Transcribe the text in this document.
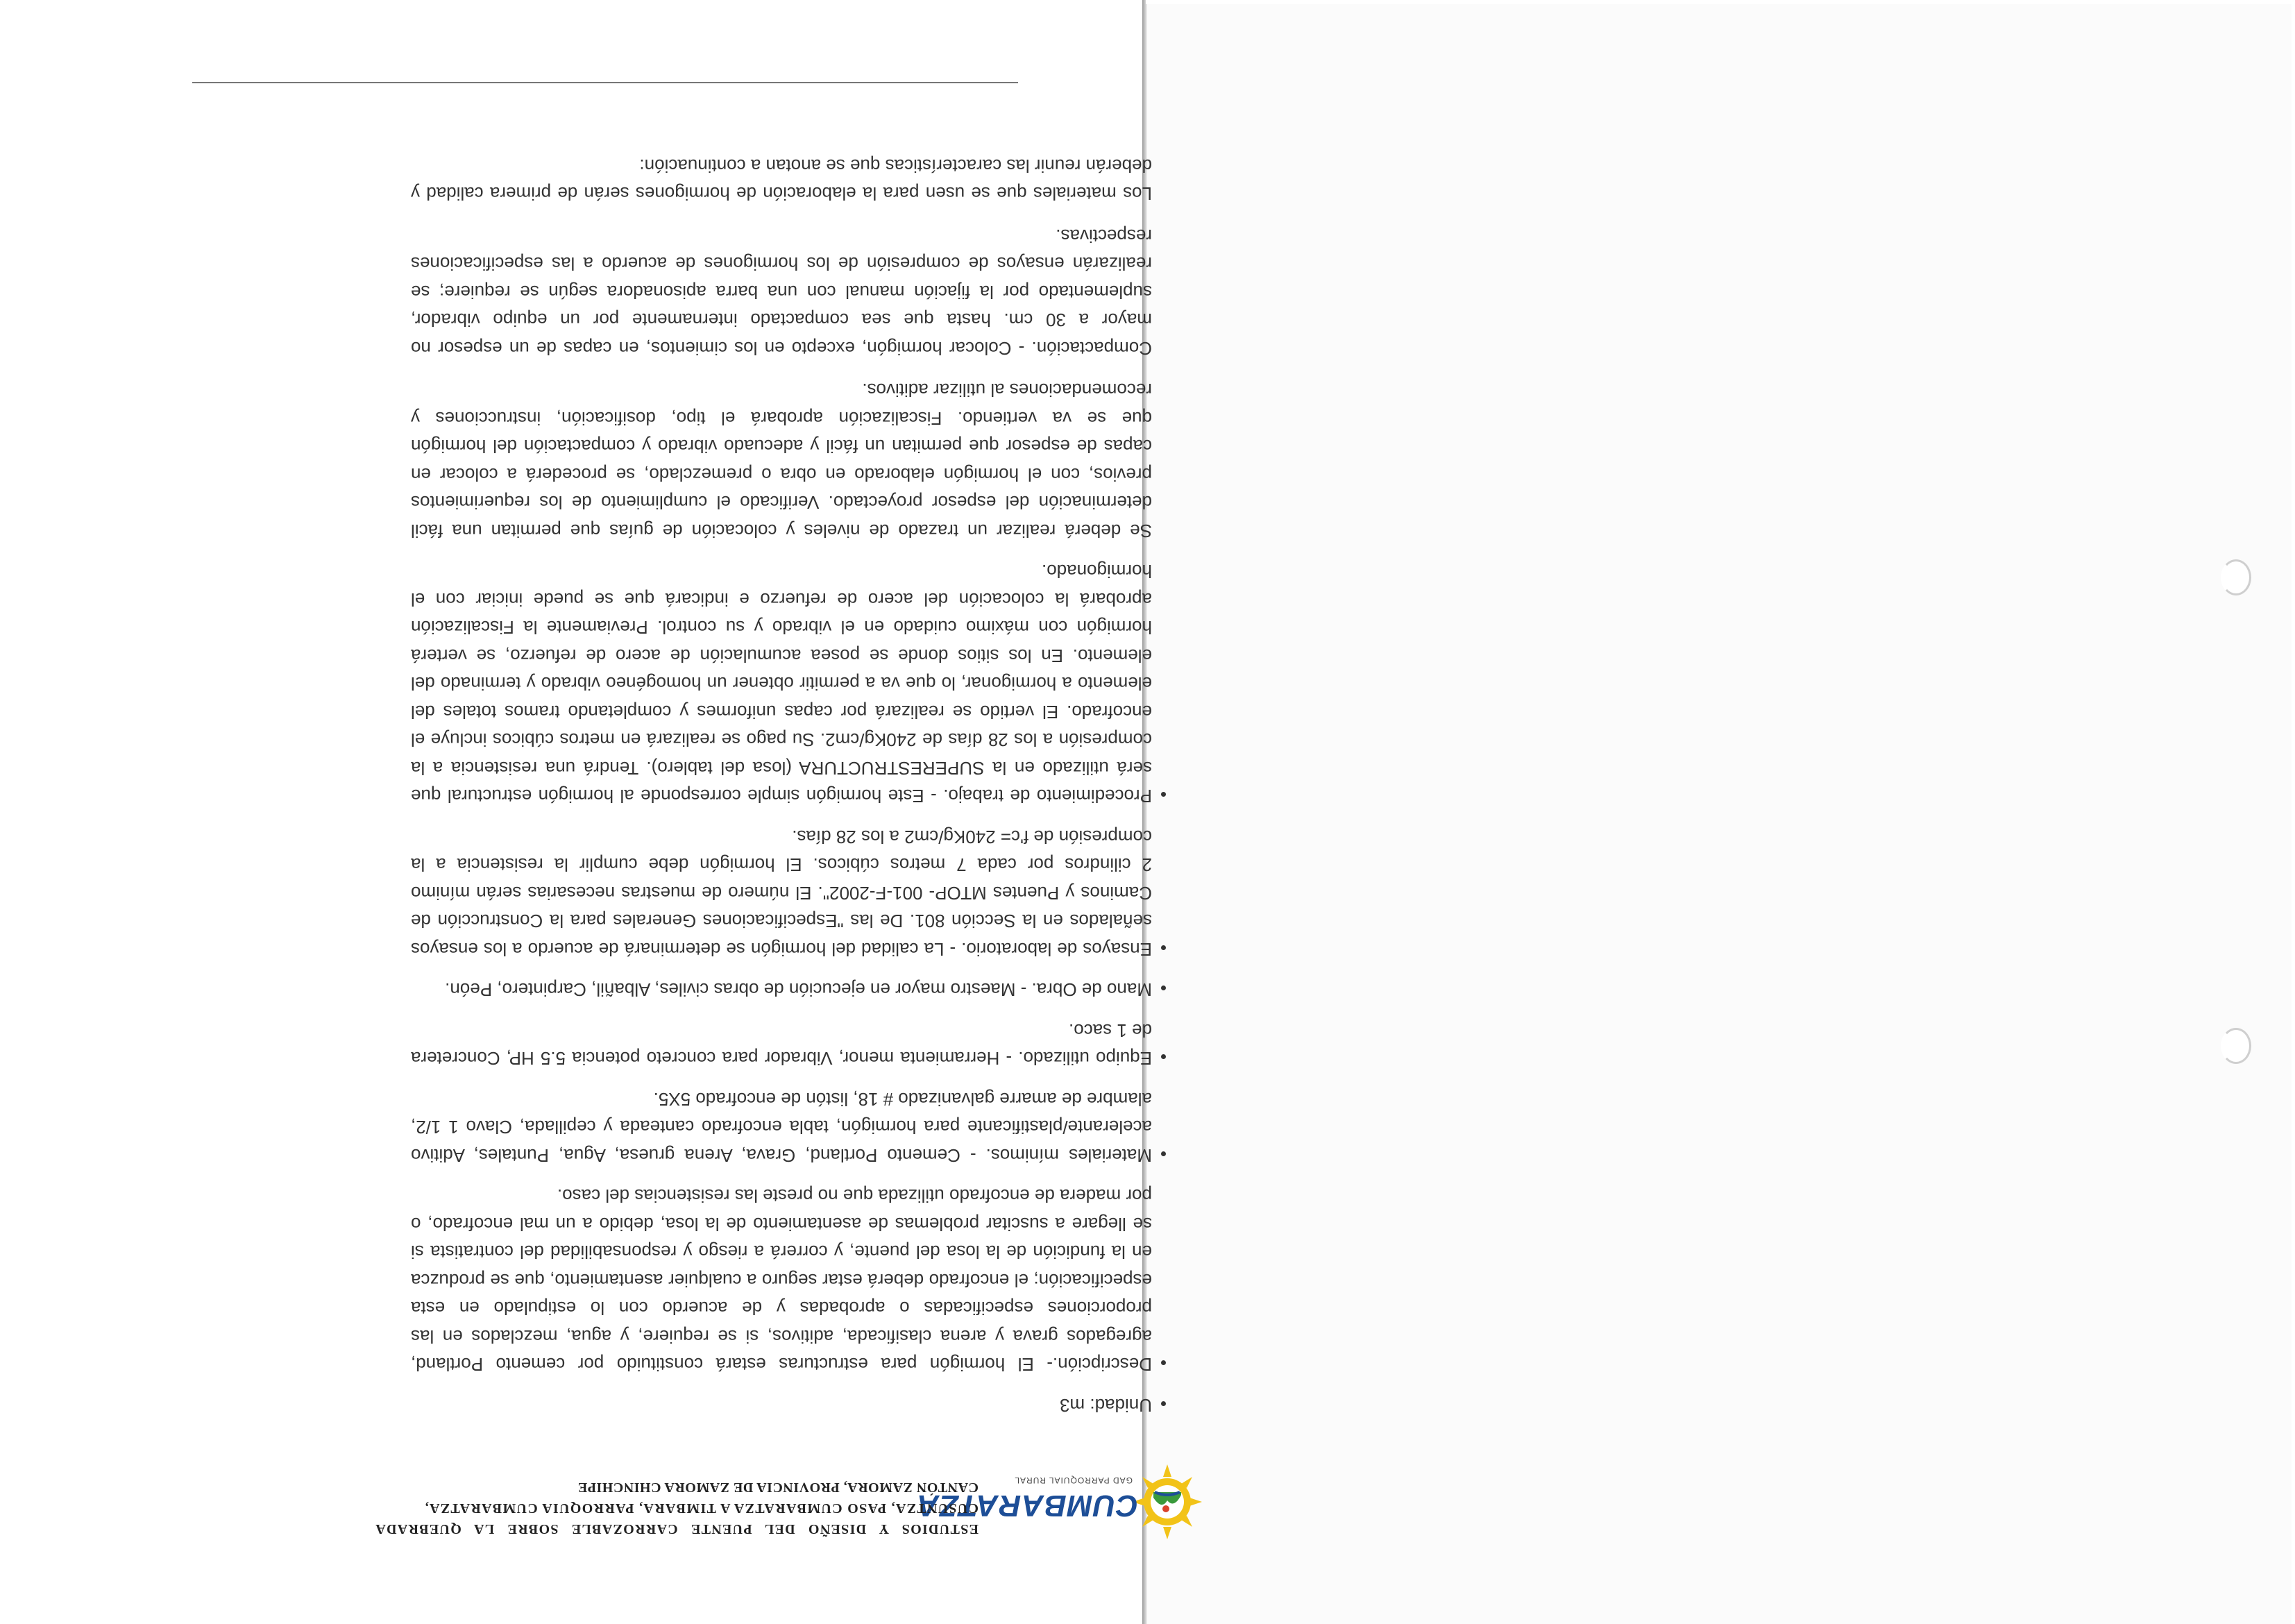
CUMBARATZA
GAD PARROQUIAL RURAL
ESTUDIOS Y DISEÑO DEL PUENTE CARROZABLE SOBRE LA QUEBRADA CUSUNTZA, PASO CUMBARATZA A TIMBARA, PARROQUIA CUMBARATZA,
CANTÓN ZAMORA, PROVINCIA DE ZAMORA CHINCHIPE
• Unidad: m3
• Descripción.- El hormigón para estructuras estará constituido por cemento Portland, agregados grava y arena clasificada, aditivos, si se requiere, y agua, mezclados en las proporciones especificadas o aprobadas y de acuerdo con lo estipulado en esta especificación; el encofrado deberá estar seguro a cualquier asentamiento, que se produzca en la fundición de la losa del puente, y correrá a riesgo y responsabilidad del contratista si se llegare a suscitar problemas de asentamiento de la losa, debido a un mal encofrado, o por madera de encofrado utilizada que no preste las resistencias del caso.
• Materiales mínimos. - Cemento Portland, Grava, Arena gruesa, Agua, Puntales, Aditivo acelerante/plastificante para hormigón, tabla encofrado canteada y cepillada, Clavo 1 1/2, alambre de amarre galvanizado # 18, listón de encofrado 5X5.
• Equipo utilizado. - Herramienta menor, Vibrador para concreto potencia 5.5 HP, Concretera de 1 saco.
• Mano de Obra. - Maestro mayor en ejecución de obras civiles, Albañil, Carpintero, Peón.
• Ensayos de laboratorio. - La calidad del hormigón se determinará de acuerdo a los ensayos señalados en la Sección 801. De las "Especificaciones Generales para la Construcción de Caminos y Puentes MTOP- 001-F-2002". El número de muestras necesarias serán mínimo 2 cilindros por cada 7 metros cúbicos. El hormigón debe cumplir la resistencia a la compresión de f'c= 240Kg/cm2 a los 28 días.
• Procedimiento de trabajo. - Este hormigón simple corresponde al hormigón estructural que será utilizado en la SUPERESTRUCTURA (losa del tablero). Tendrá una resistencia a la compresión a los 28 días de 240Kg/cm2. Su pago se realizará en metros cúbicos incluye el encofrado. El vertido se realizará por capas uniformes y completando tramos totales del elemento a hormigonar, lo que va a permitir obtener un homogéneo vibrado y terminado del elemento. En los sitios donde se posea acumulación de acero de refuerzo, se verterá hormigón con máximo cuidado en el vibrado y su control. Previamente la Fiscalización aprobará la colocación del acero de refuerzo e indicará que se puede iniciar con el hormigonado.

Se deberá realizar un trazado de niveles y colocación de guías que permitan una fácil determinación del espesor proyectado. Verificado el cumplimiento de los requerimientos previos, con el hormigón elaborado en obra o premezclado, se procederá a colocar en capas de espesor que permitan un fácil y adecuado vibrado y compactación del hormigón que se va vertiendo. Fiscalización aprobará el tipo, dosificación, instrucciones y recomendaciones al utilizar aditivos.

Compactación. - Colocar hormigón, excepto en los cimientos, en capas de un espesor no mayor a 30 cm. hasta que sea compactado internamente por un equipo vibrador, suplementado por la fijación manual con una barra apisonadora según se requiere; se realizarán ensayos de compresión de los hormigones de acuerdo a las especificaciones respectivas.

Los materiales que se usen para la elaboración de hormigones serán de primera calidad y deberán reunir las características que se anotan a continuación:
